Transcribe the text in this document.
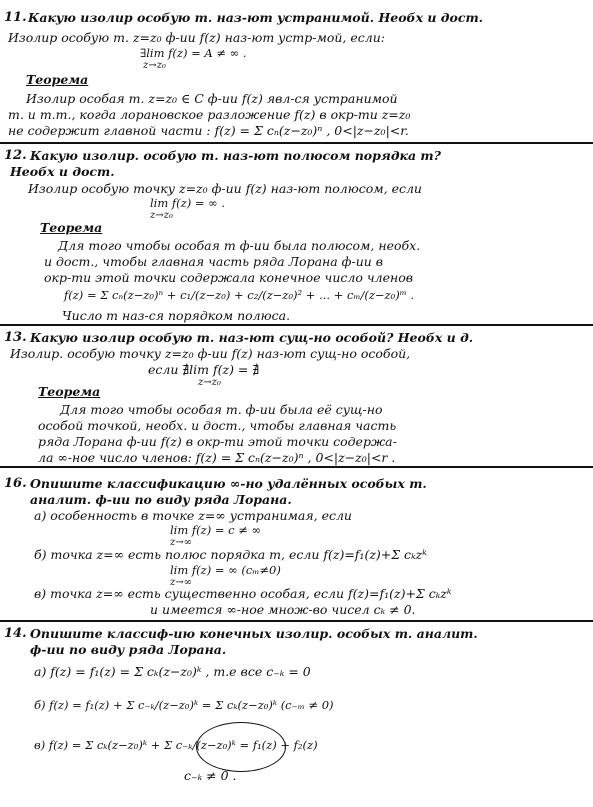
11. Какую изолир особую т. наз-ют устранимой. Необх и дост.
Изолир особую т. z=z₀ ф-ии f(z) наз-ют устр-мой, если:
∃lim f(z) = A ≠ ∞ .
z→z₀
Теорема
Изолир особая т. z=z₀ ∈ C ф-ии f(z) явл-ся устранимой
т. и т.т., когда лорановское разложение f(z) в окр-ти z=z₀
не содержит главной части : f(z) = Σ cₙ(z−z₀)ⁿ , 0<|z−z₀|<r.
12. Какую изолир. особую т. наз-ют полюсом порядка m?
Необх и дост.
Изолир особую точку z=z₀ ф-ии f(z) наз-ют полюсом, если
lim f(z) = ∞ .
z→z₀
Теорема
Для того чтобы особая т ф-ии была полюсом, необх.
и дост., чтобы главная часть ряда Лорана ф-ии в
окр-ти этой точки содержала конечное число членов
f(z) = Σ cₙ(z−z₀)ⁿ + c₁/(z−z₀) + c₂/(z−z₀)² + ... + cₘ/(z−z₀)ᵐ .
Число m наз-ся порядком полюса.
13. Какую изолир особую т. наз-ют сущ-но особой? Необх и д.
Изолир. особую точку z=z₀ ф-ии f(z) наз-ют сущ-но особой,
если ∄lim f(z) = ∄
z→z₀
Теорема
Для того чтобы особая т. ф-ии была её сущ-но
особой точкой, необх. и дост., чтобы главная часть
ряда Лорана ф-ии f(z) в окр-ти этой точки содержа-
ла ∞-ное число членов: f(z) = Σ cₙ(z−z₀)ⁿ , 0<|z−z₀|<r .
16. Опишите классификацию ∞-но удалённых особых т.
аналит. ф-ии по виду ряда Лорана.
а) особенность в точке z=∞ устранимая, если
lim f(z) = c ≠ ∞
z→∞
б) точка z=∞ есть полюс порядка m, если f(z)=f₁(z)+Σ cₖzᵏ
lim f(z) = ∞ (cₘ≠0)
z→∞
в) точка z=∞ есть существенно особая, если f(z)=f₁(z)+Σ cₖzᵏ
и имеется ∞-ное множ-во чисел cₖ ≠ 0.
14. Опишите классиф-ию конечных изолир. особых т. аналит.
ф-ии по виду ряда Лорана.
а) f(z) = f₁(z) = Σ cₖ(z−z₀)ᵏ , т.е все c₋ₖ = 0
б) f(z) = f₁(z) + Σ c₋ₖ/(z−z₀)ᵏ = Σ cₖ(z−z₀)ᵏ (c₋ₘ ≠ 0)
в) f(z) = Σ cₖ(z−z₀)ᵏ + Σ c₋ₖ/(z−z₀)ᵏ = f₁(z) + f₂(z)
c₋ₖ ≠ 0 .
